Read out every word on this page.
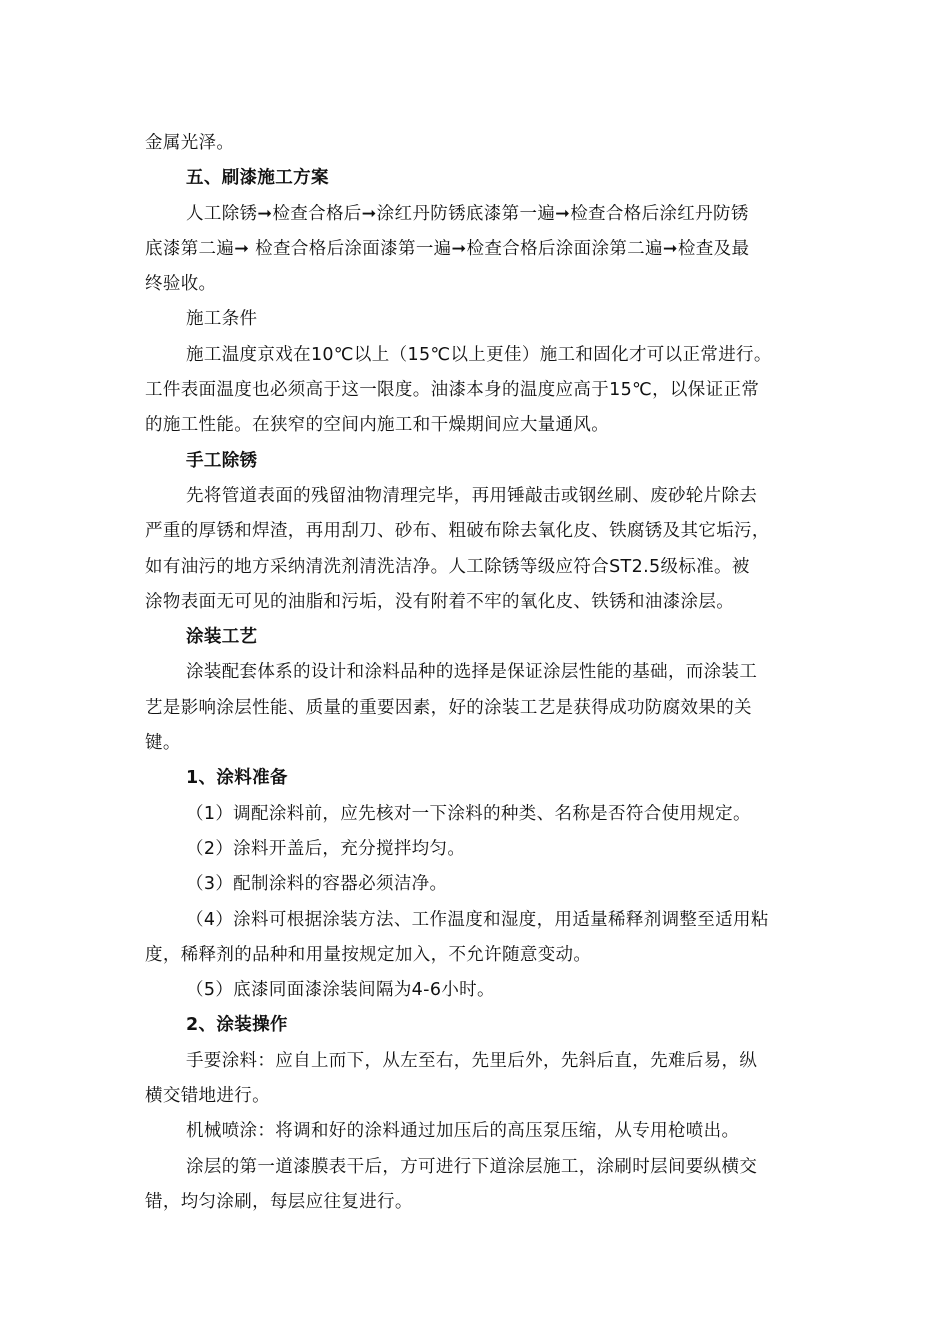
金属光泽。
五、刷漆施工方案
人工除锈➞检查合格后➞涂红丹防锈底漆第一遍➞检查合格后涂红丹防锈
底漆第二遍➞ 检查合格后涂面漆第一遍➞检查合格后涂面涂第二遍➞检查及最
终验收。
施工条件
施工温度京戏在10℃以上（15℃以上更佳）施工和固化才可以正常进行。
工件表面温度也必须高于这一限度。油漆本身的温度应高于15℃，以保证正常
的施工性能。在狭窄的空间内施工和干燥期间应大量通风。
手工除锈
先将管道表面的残留油物清理完毕，再用锤敲击或钢丝刷、废砂轮片除去
严重的厚锈和焊渣，再用刮刀、砂布、粗破布除去氧化皮、铁腐锈及其它垢污，
如有油污的地方采纳清洗剂清洗洁净。人工除锈等级应符合ST2.5级标准。被
涂物表面无可见的油脂和污垢，没有附着不牢的氧化皮、铁锈和油漆涂层。
涂装工艺
涂装配套体系的设计和涂料品种的选择是保证涂层性能的基础，而涂装工
艺是影响涂层性能、质量的重要因素，好的涂装工艺是获得成功防腐效果的关
键。
1、涂料准备
（1）调配涂料前，应先核对一下涂料的种类、名称是否符合使用规定。
（2）涂料开盖后，充分搅拌均匀。
（3）配制涂料的容器必须洁净。
（4）涂料可根据涂装方法、工作温度和湿度，用适量稀释剂调整至适用粘
度，稀释剂的品种和用量按规定加入，不允许随意变动。
（5）底漆同面漆涂装间隔为4-6小时。
2、涂装操作
手要涂料：应自上而下，从左至右，先里后外，先斜后直，先难后易，纵
横交错地进行。
机械喷涂：将调和好的涂料通过加压后的高压泵压缩，从专用枪喷出。
涂层的第一道漆膜表干后，方可进行下道涂层施工，涂刷时层间要纵横交
错，均匀涂刷，每层应往复进行。
